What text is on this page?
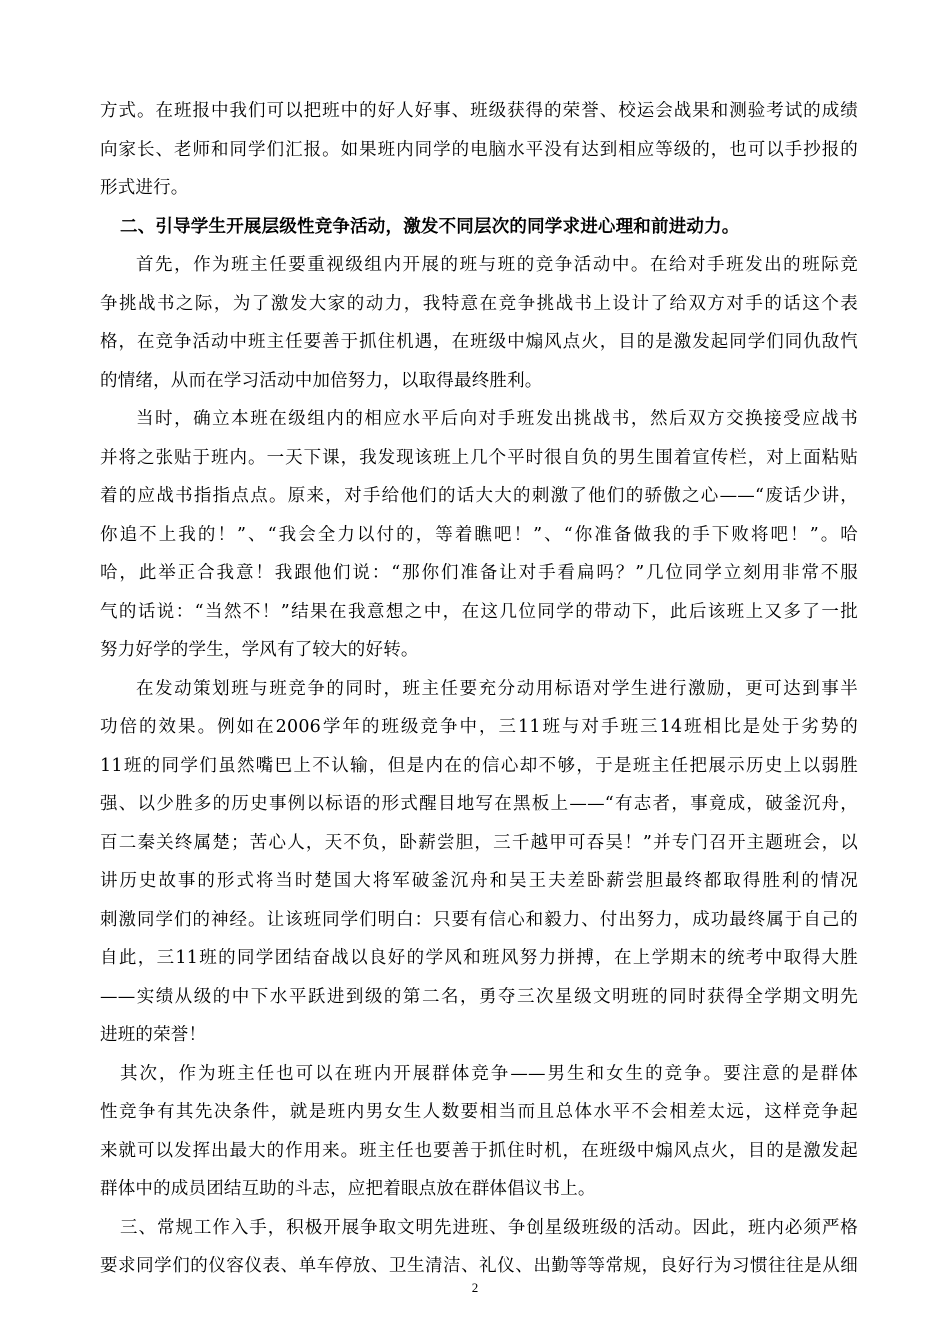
方式。在班报中我们可以把班中的好人好事、班级获得的荣誉、校运会战果和测验考试的成绩
向家长、老师和同学们汇报。如果班内同学的电脑水平没有达到相应等级的，也可以手抄报的
形式进行。
二、引导学生开展层级性竞争活动，激发不同层次的同学求进心理和前进动力。
首先，作为班主任要重视级组内开展的班与班的竞争活动中。在给对手班发出的班际竞
争挑战书之际，为了激发大家的动力，我特意在竞争挑战书上设计了给双方对手的话这个表
格，在竞争活动中班主任要善于抓住机遇，在班级中煽风点火，目的是激发起同学们同仇敌忾
的情绪，从而在学习活动中加倍努力，以取得最终胜利。
当时，确立本班在级组内的相应水平后向对手班发出挑战书，然后双方交换接受应战书
并将之张贴于班内。一天下课，我发现该班上几个平时很自负的男生围着宣传栏，对上面粘贴
着的应战书指指点点。原来，对手给他们的话大大的刺激了他们的骄傲之心——“废话少讲，
你追不上我的！”、“我会全力以付的，等着瞧吧！”、“你准备做我的手下败将吧！”。哈
哈，此举正合我意！我跟他们说：“那你们准备让对手看扁吗？”几位同学立刻用非常不服
气的话说：“当然不！”结果在我意想之中，在这几位同学的带动下，此后该班上又多了一批
努力好学的学生，学风有了较大的好转。
在发动策划班与班竞争的同时，班主任要充分动用标语对学生进行激励，更可达到事半
功倍的效果。例如在2006学年的班级竞争中，三11班与对手班三14班相比是处于劣势的
11班的同学们虽然嘴巴上不认输，但是内在的信心却不够，于是班主任把展示历史上以弱胜
强、以少胜多的历史事例以标语的形式醒目地写在黑板上——“有志者，事竟成，破釜沉舟，
百二秦关终属楚；苦心人，天不负，卧薪尝胆，三千越甲可吞吴！”并专门召开主题班会，以
讲历史故事的形式将当时楚国大将军破釜沉舟和吴王夫差卧薪尝胆最终都取得胜利的情况
刺激同学们的神经。让该班同学们明白：只要有信心和毅力、付出努力，成功最终属于自己的
自此，三11班的同学团结奋战以良好的学风和班风努力拼搏，在上学期末的统考中取得大胜
——实绩从级的中下水平跃进到级的第二名，勇夺三次星级文明班的同时获得全学期文明先
进班的荣誉！
其次，作为班主任也可以在班内开展群体竞争——男生和女生的竞争。要注意的是群体
性竞争有其先决条件，就是班内男女生人数要相当而且总体水平不会相差太远，这样竞争起
来就可以发挥出最大的作用来。班主任也要善于抓住时机，在班级中煽风点火，目的是激发起
群体中的成员团结互助的斗志，应把着眼点放在群体倡议书上。
三、常规工作入手，积极开展争取文明先进班、争创星级班级的活动。因此，班内必须严格
要求同学们的仪容仪表、单车停放、卫生清洁、礼仪、出勤等等常规，良好行为习惯往往是从细
2
